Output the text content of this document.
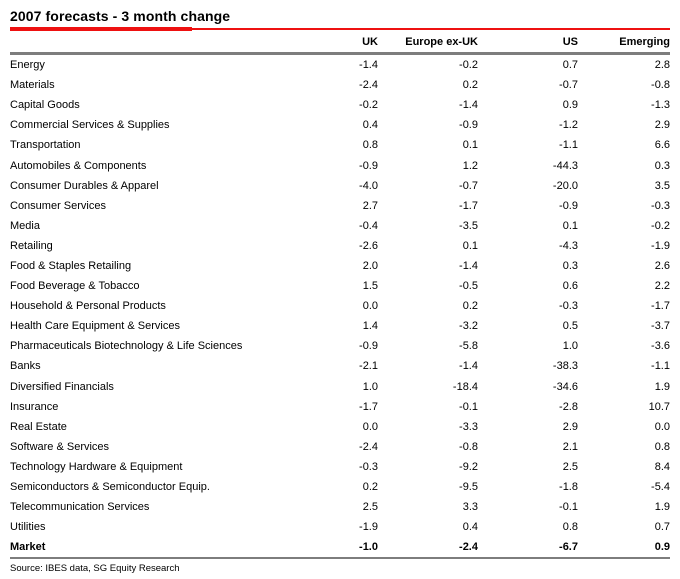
2007 forecasts - 3 month change
	UK	Europe ex-UK	US	Emerging
Energy	-1.4	-0.2	0.7	2.8
Materials	-2.4	0.2	-0.7	-0.8
Capital Goods	-0.2	-1.4	0.9	-1.3
Commercial Services & Supplies	0.4	-0.9	-1.2	2.9
Transportation	0.8	0.1	-1.1	6.6
Automobiles & Components	-0.9	1.2	-44.3	0.3
Consumer Durables & Apparel	-4.0	-0.7	-20.0	3.5
Consumer Services	2.7	-1.7	-0.9	-0.3
Media	-0.4	-3.5	0.1	-0.2
Retailing	-2.6	0.1	-4.3	-1.9
Food & Staples Retailing	2.0	-1.4	0.3	2.6
Food Beverage & Tobacco	1.5	-0.5	0.6	2.2
Household & Personal Products	0.0	0.2	-0.3	-1.7
Health Care Equipment & Services	1.4	-3.2	0.5	-3.7
Pharmaceuticals Biotechnology & Life Sciences	-0.9	-5.8	1.0	-3.6
Banks	-2.1	-1.4	-38.3	-1.1
Diversified Financials	1.0	-18.4	-34.6	1.9
Insurance	-1.7	-0.1	-2.8	10.7
Real Estate	0.0	-3.3	2.9	0.0
Software & Services	-2.4	-0.8	2.1	0.8
Technology Hardware & Equipment	-0.3	-9.2	2.5	8.4
Semiconductors & Semiconductor Equip.	0.2	-9.5	-1.8	-5.4
Telecommunication Services	2.5	3.3	-0.1	1.9
Utilities	-1.9	0.4	0.8	0.7
Market	-1.0	-2.4	-6.7	0.9
Source: IBES data, SG Equity Research
